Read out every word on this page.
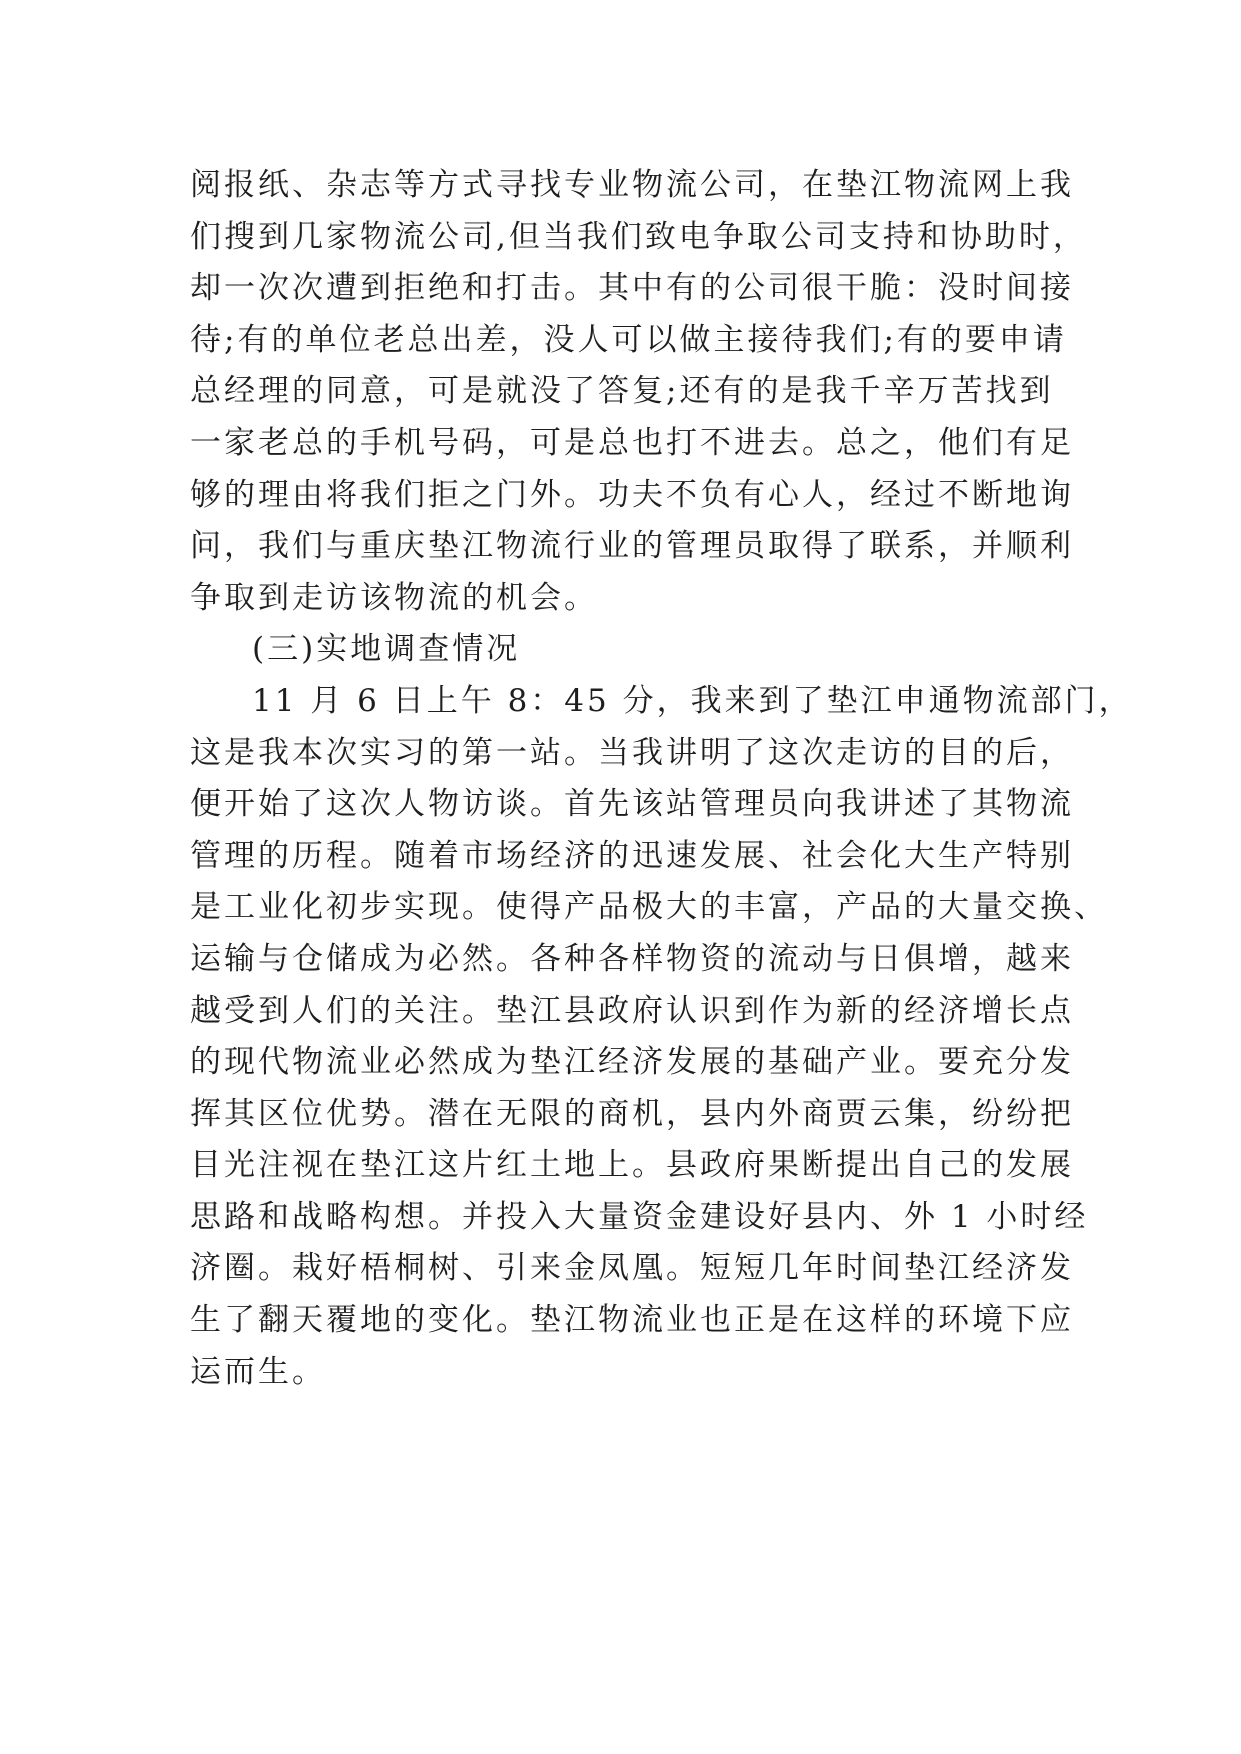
阅报纸、杂志等方式寻找专业物流公司，在垫江物流网上我
们搜到几家物流公司,但当我们致电争取公司支持和协助时，
却一次次遭到拒绝和打击。其中有的公司很干脆：没时间接
待;有的单位老总出差，没人可以做主接待我们;有的要申请
总经理的同意，可是就没了答复;还有的是我千辛万苦找到
一家老总的手机号码，可是总也打不进去。总之，他们有足
够的理由将我们拒之门外。功夫不负有心人，经过不断地询
问，我们与重庆垫江物流行业的管理员取得了联系，并顺利
争取到走访该物流的机会。
(三)实地调查情况
11 月 6 日上午 8：45 分，我来到了垫江申通物流部门，
这是我本次实习的第一站。当我讲明了这次走访的目的后，
便开始了这次人物访谈。首先该站管理员向我讲述了其物流
管理的历程。随着市场经济的迅速发展、社会化大生产特别
是工业化初步实现。使得产品极大的丰富，产品的大量交换、
运输与仓储成为必然。各种各样物资的流动与日俱增，越来
越受到人们的关注。垫江县政府认识到作为新的经济增长点
的现代物流业必然成为垫江经济发展的基础产业。要充分发
挥其区位优势。潜在无限的商机，县内外商贾云集，纷纷把
目光注视在垫江这片红土地上。县政府果断提出自己的发展
思路和战略构想。并投入大量资金建设好县内、外 1 小时经
济圈。栽好梧桐树、引来金凤凰。短短几年时间垫江经济发
生了翻天覆地的变化。垫江物流业也正是在这样的环境下应
运而生。
